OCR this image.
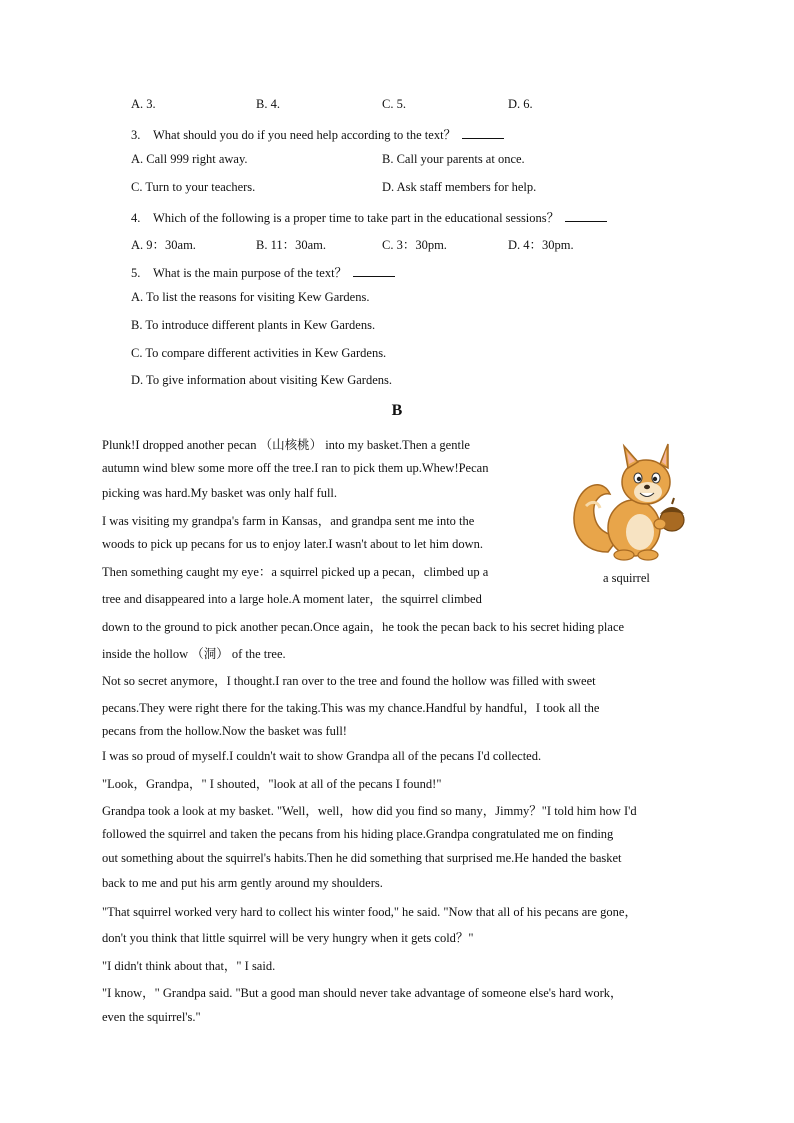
A. 3.	B. 4.	C. 5.	D. 6.
3. What should you do if you need help according to the text？
A. Call 999 right away.	B. Call your parents at once.
C. Turn to your teachers.	D. Ask staff members for help.
4. Which of the following is a proper time to take part in the educational sessions？
A. 9：30am.	B. 11：30am.	C. 3：30pm.	D. 4：30pm.
5. What is the main purpose of the text？
A. To list the reasons for visiting Kew Gardens.
B. To introduce different plants in Kew Gardens.
C. To compare different activities in Kew Gardens.
D. To give information about visiting Kew Gardens.
B
a squirrel
Plunk!I dropped another pecan （山核桃） into my basket.Then a gentle
autumn wind blew some more off the tree.I ran to pick them up.Whew!Pecan
picking was hard.My basket was only half full.
I was visiting my grandpa's farm in Kansas，and grandpa sent me into the
woods to pick up pecans for us to enjoy later.I wasn't about to let him down.
Then something caught my eye：a squirrel picked up a pecan，climbed up a
tree and disappeared into a large hole.A moment later，the squirrel climbed
down to the ground to pick another pecan.Once again，he took the pecan back to his secret hiding place
inside the hollow （洞） of the tree.
Not so secret anymore，I thought.I ran over to the tree and found the hollow was filled with sweet
pecans.They were right there for the taking.This was my chance.Handful by handful，I took all the
pecans from the hollow.Now the basket was full!
I was so proud of myself.I couldn't wait to show Grandpa all of the pecans I'd collected.
"Look，Grandpa，" I shouted，"look at all of the pecans I found!"
Grandpa took a look at my basket. "Well，well，how did you find so many，Jimmy？"I told him how I'd
followed the squirrel and taken the pecans from his hiding place.Grandpa congratulated me on finding
out something about the squirrel's habits.Then he did something that surprised me.He handed the basket
back to me and put his arm gently around my shoulders.
"That squirrel worked very hard to collect his winter food," he said. "Now that all of his pecans are gone，
don't you think that little squirrel will be very hungry when it gets cold？"
"I didn't think about that，" I said.
"I know，" Grandpa said. "But a good man should never take advantage of someone else's hard work，
even the squirrel's."
